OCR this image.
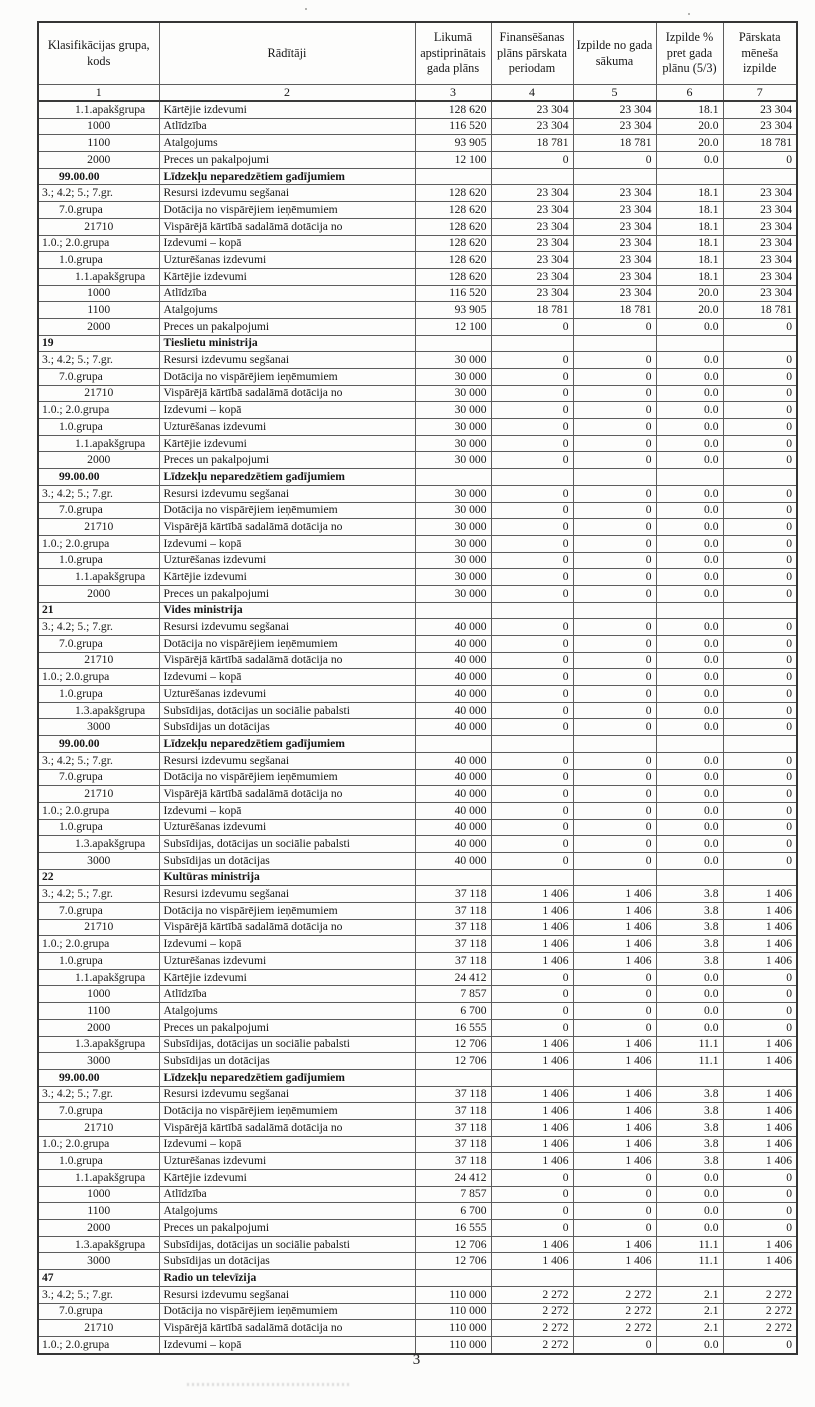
Klasifikācijas grupa, kods	Rādītāji	Likumā apstiprinātais gada plāns	Finansēšanas plāns pārskata periodam	Izpilde no gada sākuma	Izpilde % pret gada plānu (5/3)	Pārskata mēneša izpilde
1	2	3	4	5	6	7
1.1.apakšgrupa	Kārtējie izdevumi	128 620	23 304	23 304	18.1	23 304
1000	Atlīdzība	116 520	23 304	23 304	20.0	23 304
1100	Atalgojums	93 905	18 781	18 781	20.0	18 781
2000	Preces un pakalpojumi	12 100	0	0	0.0	0
99.00.00	Līdzekļu neparedzētiem gadījumiem					
3.; 4.2; 5.; 7.gr.	Resursi izdevumu segšanai	128 620	23 304	23 304	18.1	23 304
7.0.grupa	Dotācija no vispārējiem ieņēmumiem	128 620	23 304	23 304	18.1	23 304
21710	Vispārējā kārtībā sadalāmā dotācija no	128 620	23 304	23 304	18.1	23 304
1.0.; 2.0.grupa	Izdevumi – kopā	128 620	23 304	23 304	18.1	23 304
1.0.grupa	Uzturēšanas izdevumi	128 620	23 304	23 304	18.1	23 304
1.1.apakšgrupa	Kārtējie izdevumi	128 620	23 304	23 304	18.1	23 304
1000	Atlīdzība	116 520	23 304	23 304	20.0	23 304
1100	Atalgojums	93 905	18 781	18 781	20.0	18 781
2000	Preces un pakalpojumi	12 100	0	0	0.0	0
19	Tieslietu ministrija					
3.; 4.2; 5.; 7.gr.	Resursi izdevumu segšanai	30 000	0	0	0.0	0
7.0.grupa	Dotācija no vispārējiem ieņēmumiem	30 000	0	0	0.0	0
21710	Vispārējā kārtībā sadalāmā dotācija no	30 000	0	0	0.0	0
1.0.; 2.0.grupa	Izdevumi – kopā	30 000	0	0	0.0	0
1.0.grupa	Uzturēšanas izdevumi	30 000	0	0	0.0	0
1.1.apakšgrupa	Kārtējie izdevumi	30 000	0	0	0.0	0
2000	Preces un pakalpojumi	30 000	0	0	0.0	0
99.00.00	Līdzekļu neparedzētiem gadījumiem					
3.; 4.2; 5.; 7.gr.	Resursi izdevumu segšanai	30 000	0	0	0.0	0
7.0.grupa	Dotācija no vispārējiem ieņēmumiem	30 000	0	0	0.0	0
21710	Vispārējā kārtībā sadalāmā dotācija no	30 000	0	0	0.0	0
1.0.; 2.0.grupa	Izdevumi – kopā	30 000	0	0	0.0	0
1.0.grupa	Uzturēšanas izdevumi	30 000	0	0	0.0	0
1.1.apakšgrupa	Kārtējie izdevumi	30 000	0	0	0.0	0
2000	Preces un pakalpojumi	30 000	0	0	0.0	0
21	Vides ministrija					
3.; 4.2; 5.; 7.gr.	Resursi izdevumu segšanai	40 000	0	0	0.0	0
7.0.grupa	Dotācija no vispārējiem ieņēmumiem	40 000	0	0	0.0	0
21710	Vispārējā kārtībā sadalāmā dotācija no	40 000	0	0	0.0	0
1.0.; 2.0.grupa	Izdevumi – kopā	40 000	0	0	0.0	0
1.0.grupa	Uzturēšanas izdevumi	40 000	0	0	0.0	0
1.3.apakšgrupa	Subsīdijas, dotācijas un sociālie pabalsti	40 000	0	0	0.0	0
3000	Subsīdijas un dotācijas	40 000	0	0	0.0	0
99.00.00	Līdzekļu neparedzētiem gadījumiem					
3.; 4.2; 5.; 7.gr.	Resursi izdevumu segšanai	40 000	0	0	0.0	0
7.0.grupa	Dotācija no vispārējiem ieņēmumiem	40 000	0	0	0.0	0
21710	Vispārējā kārtībā sadalāmā dotācija no	40 000	0	0	0.0	0
1.0.; 2.0.grupa	Izdevumi – kopā	40 000	0	0	0.0	0
1.0.grupa	Uzturēšanas izdevumi	40 000	0	0	0.0	0
1.3.apakšgrupa	Subsīdijas, dotācijas un sociālie pabalsti	40 000	0	0	0.0	0
3000	Subsīdijas un dotācijas	40 000	0	0	0.0	0
22	Kultūras ministrija					
3.; 4.2; 5.; 7.gr.	Resursi izdevumu segšanai	37 118	1 406	1 406	3.8	1 406
7.0.grupa	Dotācija no vispārējiem ieņēmumiem	37 118	1 406	1 406	3.8	1 406
21710	Vispārējā kārtībā sadalāmā dotācija no	37 118	1 406	1 406	3.8	1 406
1.0.; 2.0.grupa	Izdevumi – kopā	37 118	1 406	1 406	3.8	1 406
1.0.grupa	Uzturēšanas izdevumi	37 118	1 406	1 406	3.8	1 406
1.1.apakšgrupa	Kārtējie izdevumi	24 412	0	0	0.0	0
1000	Atlīdzība	7 857	0	0	0.0	0
1100	Atalgojums	6 700	0	0	0.0	0
2000	Preces un pakalpojumi	16 555	0	0	0.0	0
1.3.apakšgrupa	Subsīdijas, dotācijas un sociālie pabalsti	12 706	1 406	1 406	11.1	1 406
3000	Subsīdijas un dotācijas	12 706	1 406	1 406	11.1	1 406
99.00.00	Līdzekļu neparedzētiem gadījumiem					
3.; 4.2; 5.; 7.gr.	Resursi izdevumu segšanai	37 118	1 406	1 406	3.8	1 406
7.0.grupa	Dotācija no vispārējiem ieņēmumiem	37 118	1 406	1 406	3.8	1 406
21710	Vispārējā kārtībā sadalāmā dotācija no	37 118	1 406	1 406	3.8	1 406
1.0.; 2.0.grupa	Izdevumi – kopā	37 118	1 406	1 406	3.8	1 406
1.0.grupa	Uzturēšanas izdevumi	37 118	1 406	1 406	3.8	1 406
1.1.apakšgrupa	Kārtējie izdevumi	24 412	0	0	0.0	0
1000	Atlīdzība	7 857	0	0	0.0	0
1100	Atalgojums	6 700	0	0	0.0	0
2000	Preces un pakalpojumi	16 555	0	0	0.0	0
1.3.apakšgrupa	Subsīdijas, dotācijas un sociālie pabalsti	12 706	1 406	1 406	11.1	1 406
3000	Subsīdijas un dotācijas	12 706	1 406	1 406	11.1	1 406
47	Radio un televīzija					
3.; 4.2; 5.; 7.gr.	Resursi izdevumu segšanai	110 000	2 272	2 272	2.1	2 272
7.0.grupa	Dotācija no vispārējiem ieņēmumiem	110 000	2 272	2 272	2.1	2 272
21710	Vispārējā kārtībā sadalāmā dotācija no	110 000	2 272	2 272	2.1	2 272
1.0.; 2.0.grupa	Izdevumi – kopā	110 000	2 272	0	0.0	0
3
